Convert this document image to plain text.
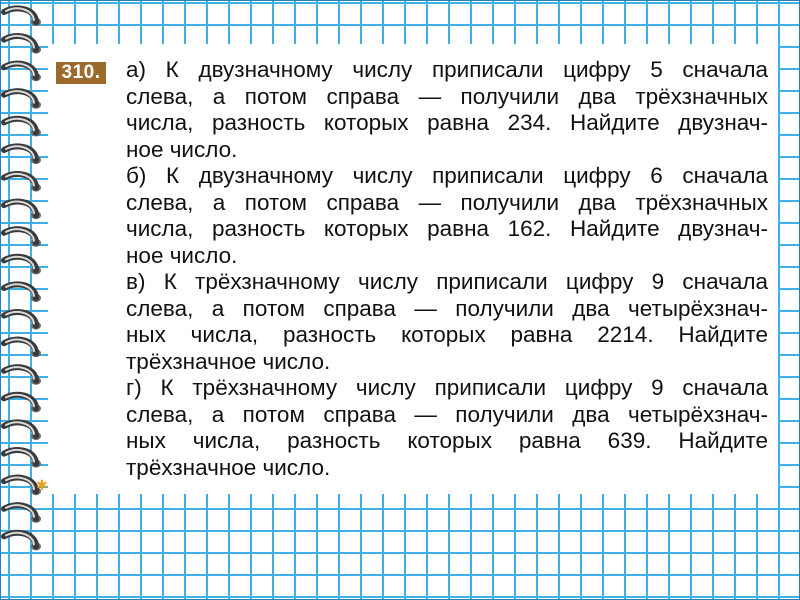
310. а) К двузначному числу приписали цифру 5 сначала
слева, а потом справа — получили два трёхзначных
числа, разность которых равна 234. Найдите двузнач-
ное число.
б) К двузначному числу приписали цифру 6 сначала
слева, а потом справа — получили два трёхзначных
числа, разность которых равна 162. Найдите двузнач-
ное число.
в) К трёхзначному числу приписали цифру 9 сначала
слева, а потом справа — получили два четырёхзнач-
ных числа, разность которых равна 2214. Найдите
трёхзначное число.
г) К трёхзначному числу приписали цифру 9 сначала
слева, а потом справа — получили два четырёхзнач-
ных числа, разность которых равна 639. Найдите
трёхзначное число.
✱
